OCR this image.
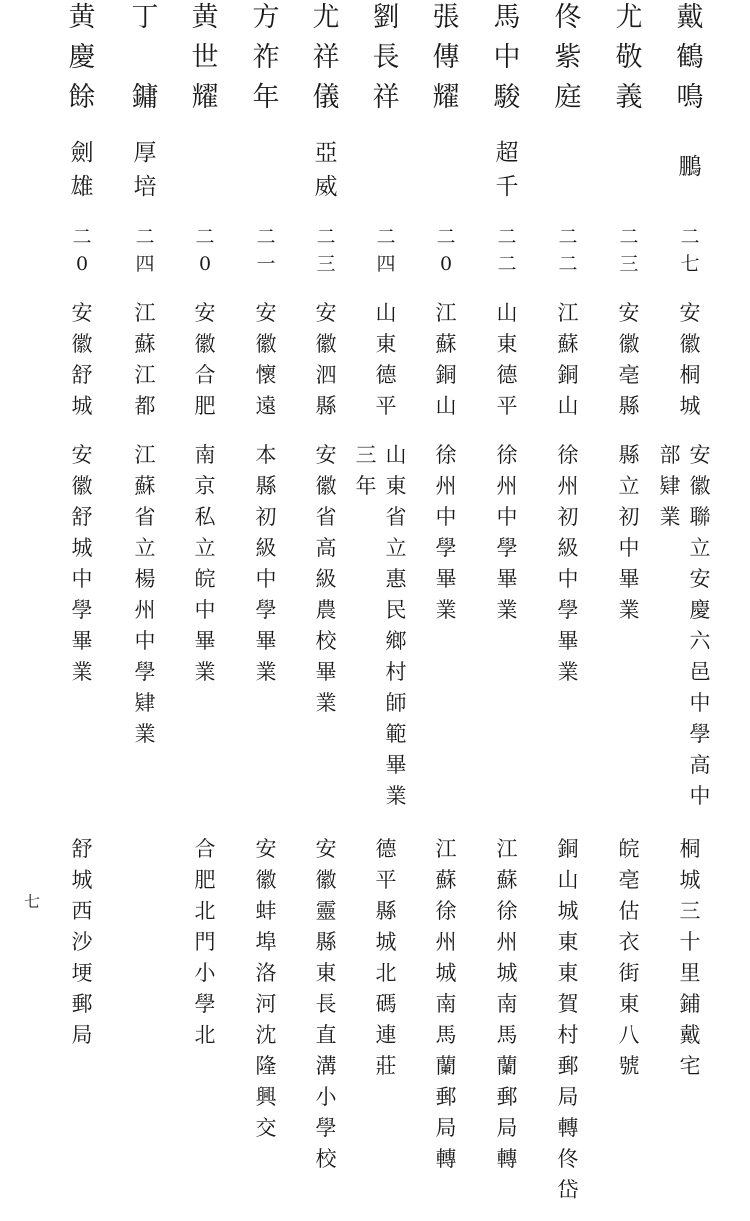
戴
鶴
鳴
鵬
二
七
安
徽
桐
城
安
徽
聯
立
安
慶
六
邑
中
學
高
中
部
肄
業
桐
城
三
十
里
鋪
戴
宅
尤
敬
義
二
三
安
徽
亳
縣
縣
立
初
中
畢
業
皖
亳
估
衣
街
東
八
號
佟
紫
庭
二
二
江
蘇
銅
山
徐
州
初
級
中
學
畢
業
銅
山
城
東
東
賀
村
郵
局
轉
佟
岱
馬
中
駿
超
千
二
二
山
東
德
平
徐
州
中
學
畢
業
江
蘇
徐
州
城
南
馬
蘭
郵
局
轉
張
傳
耀
二
0
江
蘇
銅
山
徐
州
中
學
畢
業
江
蘇
徐
州
城
南
馬
蘭
郵
局
轉
劉
長
祥
二
四
山
東
德
平
山
東
省
立
惠
民
鄉
村
師
範
畢
業
三
年
德
平
縣
城
北
碼
連
莊
尤
祥
儀
亞
威
二
三
安
徽
泗
縣
安
徽
省
高
級
農
校
畢
業
安
徽
靈
縣
東
長
直
溝
小
學
校
方
祚
年
二
一
安
徽
懷
遠
本
縣
初
級
中
學
畢
業
安
徽
蚌
埠
洛
河
沈
隆
興
交
黄
世
耀
二
0
安
徽
合
肥
南
京
私
立
皖
中
畢
業
合
肥
北
門
小
學
北
丁

鏞
厚
培
二
四
江
蘇
江
都
江
蘇
省
立
楊
州
中
學
肄
業
黄
慶
餘
劍
雄
二
0
安
徽
舒
城
安
徽
舒
城
中
學
畢
業
舒
城
西
沙
埂
郵
局
七
